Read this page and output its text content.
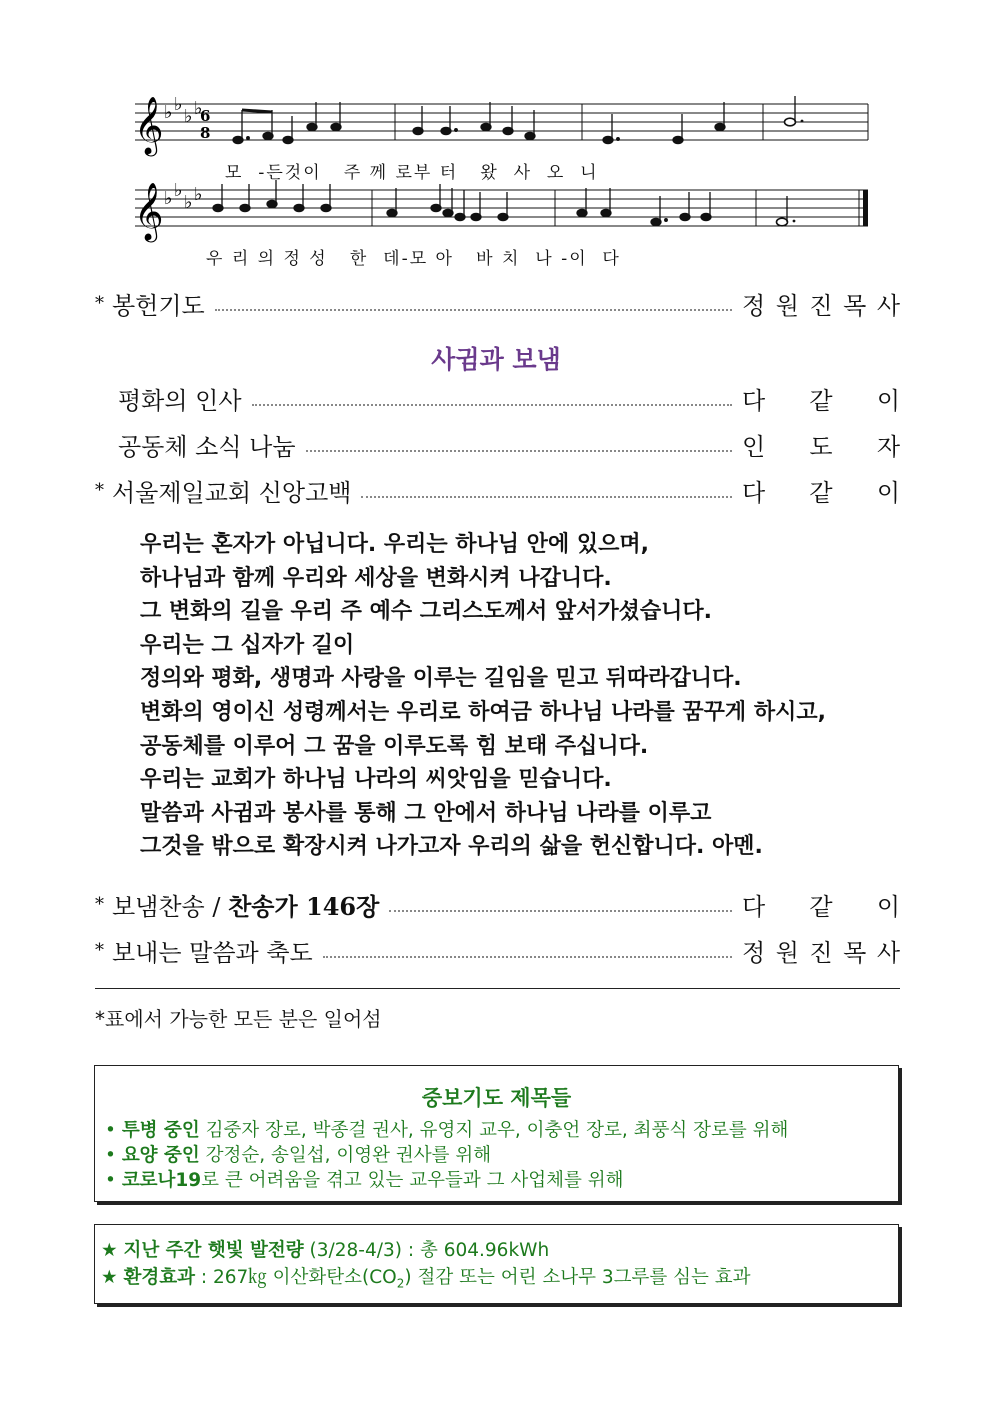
𝄞 ♭ ♭
♭ ♭
6
8
모  -든것이   주 께 로부 터   왔  사  오  니
𝄞 ♭ ♭
♭ ♭
우 리 의 정 성   한  데-모 아   바 치  나 -이  다
* 봉헌기도	정 원 진 목 사
사귐과 보냄
평화의 인사	다 같 이
공동체 소식 나눔	인 도 자
* 서울제일교회 신앙고백	다 같 이
우리는 혼자가 아닙니다. 우리는 하나님 안에 있으며,
하나님과 함께 우리와 세상을 변화시켜 나갑니다.
그 변화의 길을 우리 주 예수 그리스도께서 앞서가셨습니다.
우리는 그 십자가 길이
정의와 평화, 생명과 사랑을 이루는 길임을 믿고 뒤따라갑니다.
변화의 영이신 성령께서는 우리로 하여금 하나님 나라를 꿈꾸게 하시고,
공동체를 이루어 그 꿈을 이루도록 힘 보태 주십니다.
우리는 교회가 하나님 나라의 씨앗임을 믿습니다.
말씀과 사귐과 봉사를 통해 그 안에서 하나님 나라를 이루고
그것을 밖으로 확장시켜 나가고자 우리의 삶을 헌신합니다. 아멘.
* 보냄찬송 / 찬송가 146장	다 같 이
* 보내는 말씀과 축도	정 원 진 목 사
*표에서 가능한 모든 분은 일어섬
중보기도 제목들
• 투병 중인 김중자 장로, 박종걸 권사, 유영지 교우, 이충언 장로, 최풍식 장로를 위해
• 요양 중인 강정순, 송일섭, 이영완 권사를 위해
• 코로나19로 큰 어려움을 겪고 있는 교우들과 그 사업체를 위해
★ 지난 주간 햇빛 발전량 (3/28-4/3) : 총 604.96kWh
★ 환경효과 : 267㎏ 이산화탄소$(CO_2)$ 절감 또는 어린 소나무 3그루를 심는 효과
